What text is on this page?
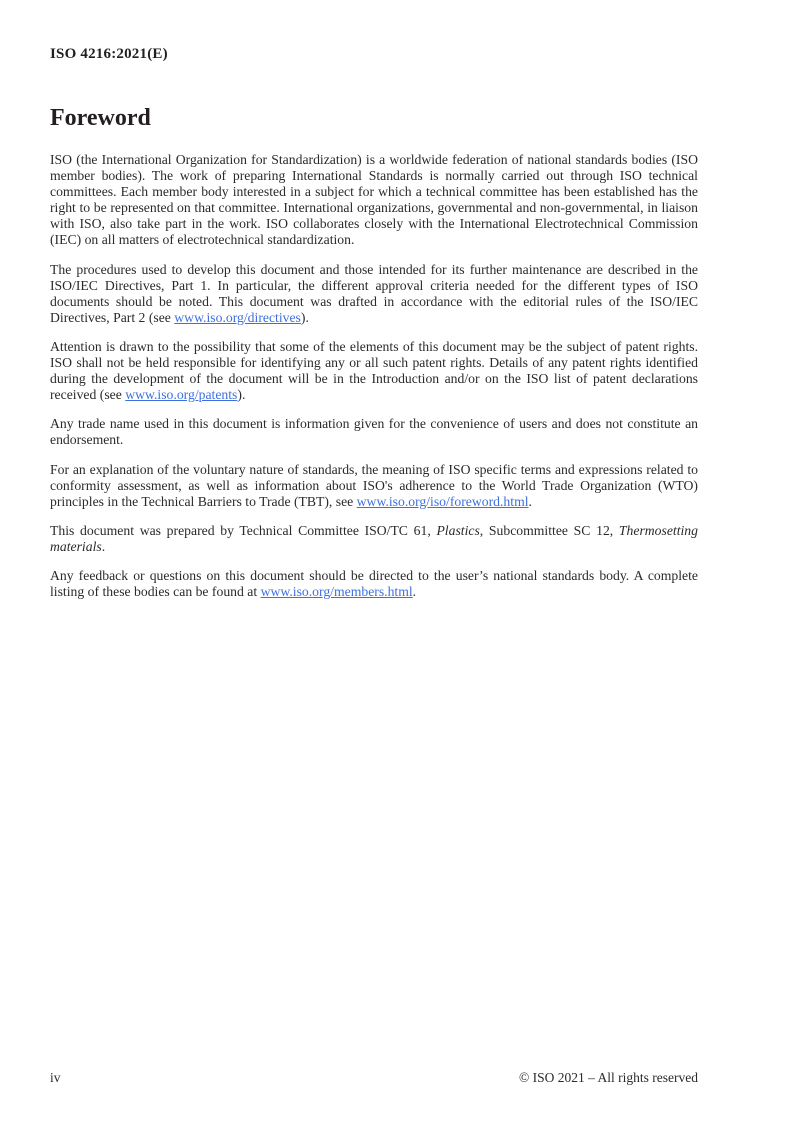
ISO 4216:2021(E)
Foreword

ISO (the International Organization for Standardization) is a worldwide federation of national standards bodies (ISO member bodies). The work of preparing International Standards is normally carried out through ISO technical committees. Each member body interested in a subject for which a technical committee has been established has the right to be represented on that committee. International organizations, governmental and non-governmental, in liaison with ISO, also take part in the work. ISO collaborates closely with the International Electrotechnical Commission (IEC) on all matters of electrotechnical standardization.

The procedures used to develop this document and those intended for its further maintenance are described in the ISO/IEC Directives, Part 1. In particular, the different approval criteria needed for the different types of ISO documents should be noted. This document was drafted in accordance with the editorial rules of the ISO/IEC Directives, Part 2 (see www.iso.org/directives).

Attention is drawn to the possibility that some of the elements of this document may be the subject of patent rights. ISO shall not be held responsible for identifying any or all such patent rights. Details of any patent rights identified during the development of the document will be in the Introduction and/or on the ISO list of patent declarations received (see www.iso.org/patents).

Any trade name used in this document is information given for the convenience of users and does not constitute an endorsement.

For an explanation of the voluntary nature of standards, the meaning of ISO specific terms and expressions related to conformity assessment, as well as information about ISO's adherence to the World Trade Organization (WTO) principles in the Technical Barriers to Trade (TBT), see www.iso.org/iso/foreword.html.

This document was prepared by Technical Committee ISO/TC 61, Plastics, Subcommittee SC 12, Thermosetting materials.

Any feedback or questions on this document should be directed to the user’s national standards body. A complete listing of these bodies can be found at www.iso.org/members.html.

iv	© ISO 2021 – All rights reserved
